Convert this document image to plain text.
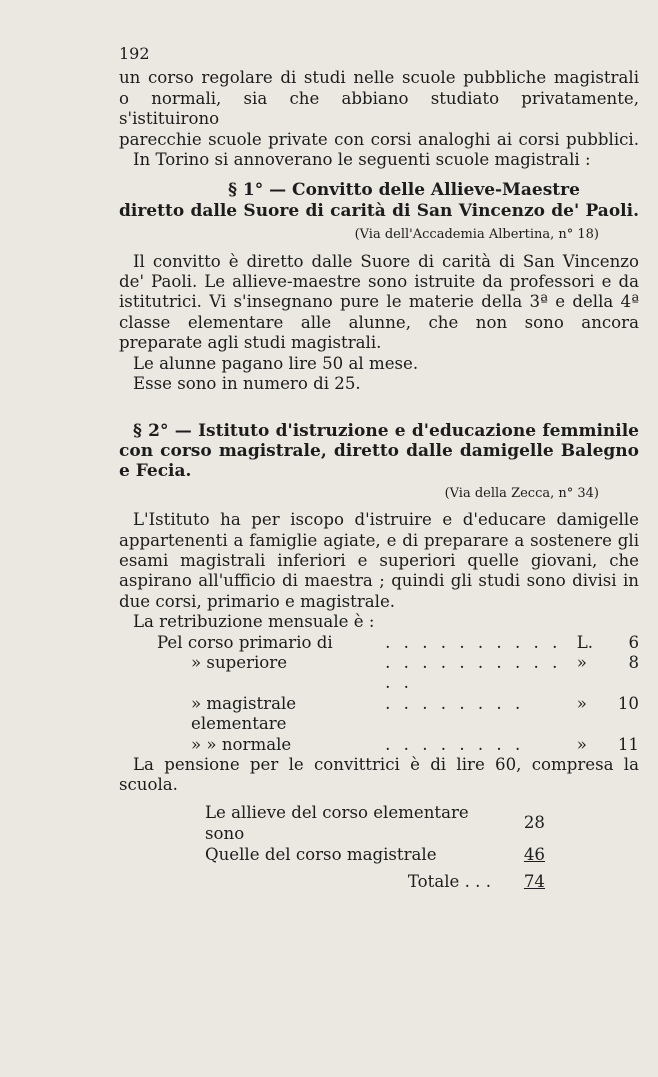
192

un corso regolare di studi nelle scuole pubbliche magistrali

o normali, sia che abbiano studiato privatamente, s'istituirono

parecchie scuole private con corsi analoghi ai corsi pubblici.

In Torino si annoverano le seguenti scuole magistrali :

§ 1° — Convitto delle Allieve-Maestre
diretto dalle Suore di carità di San Vincenzo de' Paoli.
(Via dell'Accademia Albertina, n° 18)

Il convitto è diretto dalle Suore di carità di San Vincenzo de' Paoli. Le allieve-maestre sono istruite da professori e da istitutrici. Vi s'insegnano pure le materie della 3ª e della 4ª classe elementare alle alunne, che non sono ancora preparate agli studi magistrali.

Le alunne pagano lire 50 al mese.

Esse sono in numero di 25.

§ 2° — Istituto d'istruzione e d'educazione femminile con corso magistrale, diretto dalle damigelle Balegno e Fecia.

(Via della Zecca, n° 34)

L'Istituto ha per iscopo d'istruire e d'educare damigelle appartenenti a famiglie agiate, e di preparare a sostenere gli esami magistrali inferiori e superiori quelle giovani, che aspirano all'ufficio di maestra ; quindi gli studi sono divisi in due corsi, primario e magistrale.

La retribuzione mensuale è :

Pel corso primario di	. . . . . . . . . .	L.	6
» superiore	. . . . . . . . . . . .	»	8
» magistrale elementare	. . . . . . . .	»	10
» » normale	. . . . . . . .	»	11

La pensione per le convittrici è di lire 60, compresa la scuola.

Le allieve del corso elementare sono	28
Quelle del corso magistrale	46
Totale . . .	74
